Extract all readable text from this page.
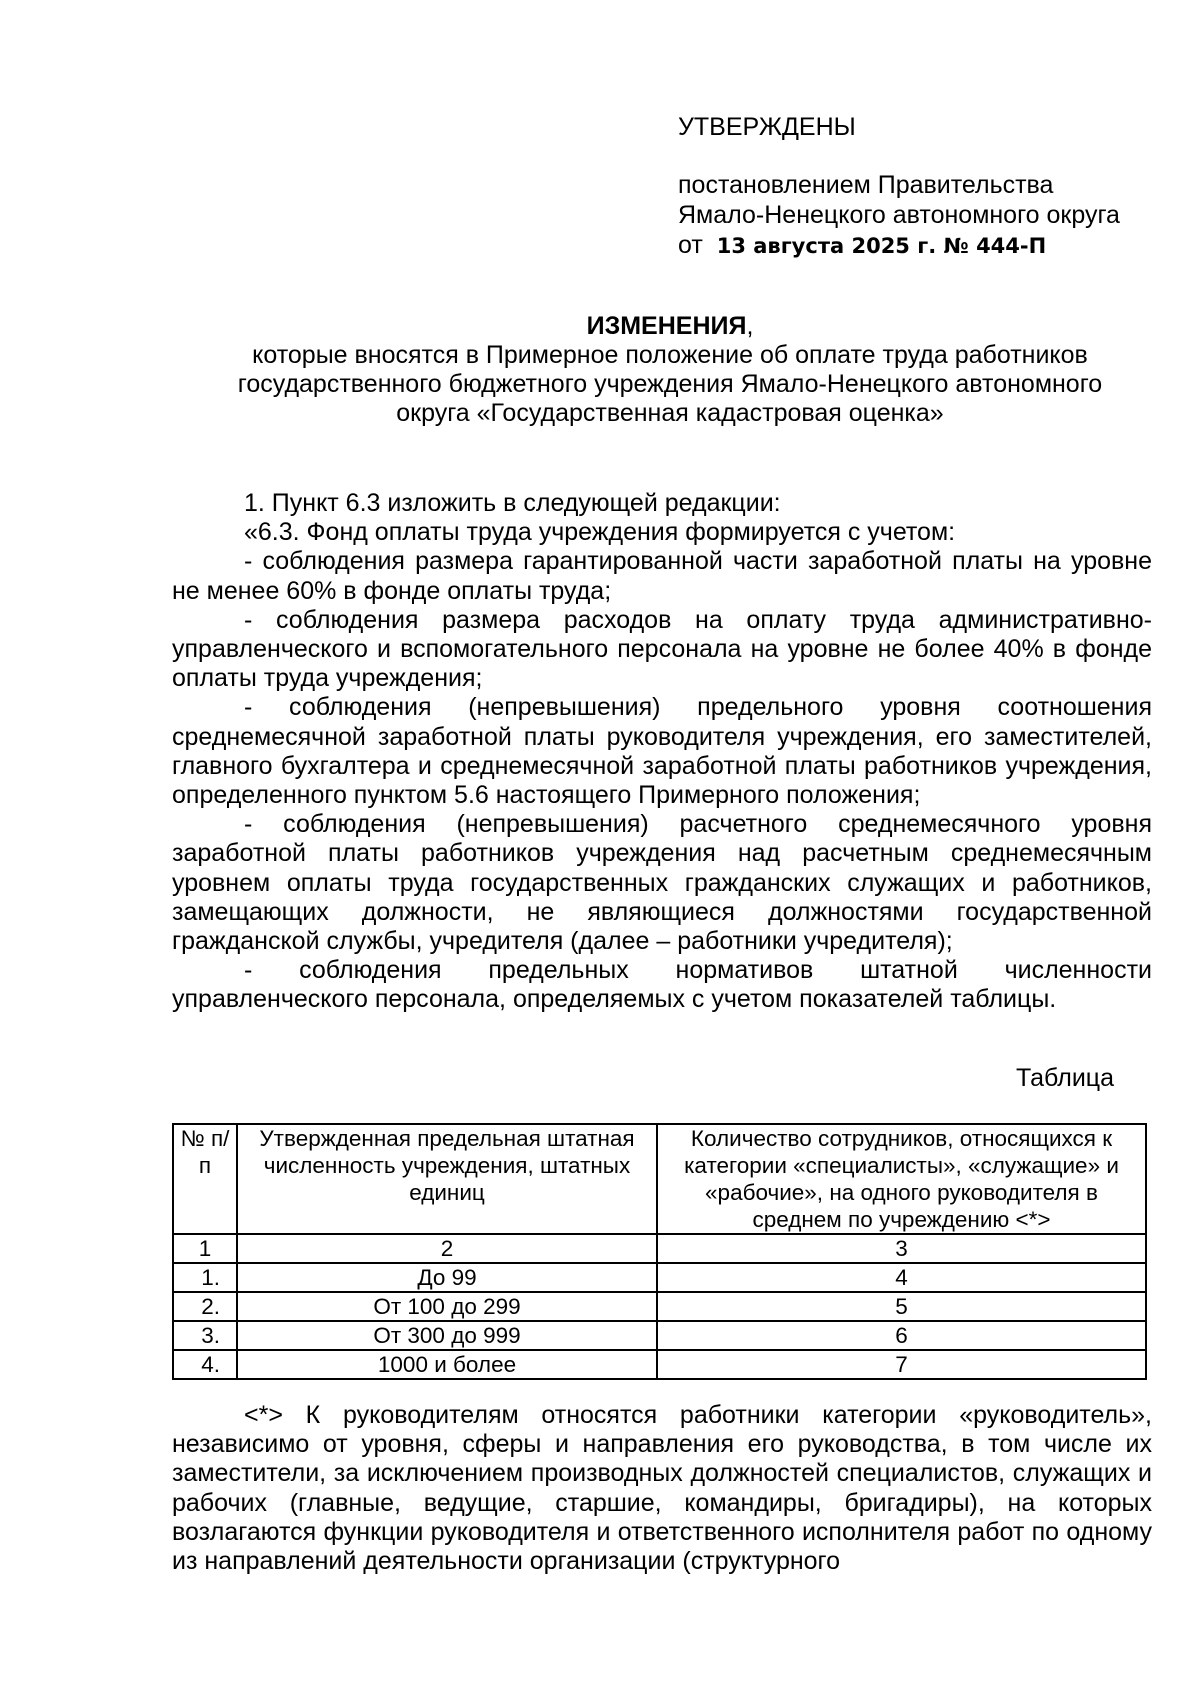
УТВЕРЖДЕНЫ
постановлением Правительства
Ямало-Ненецкого автономного округа
от 13 августа 2025 г. № 444-П
ИЗМЕНЕНИЯ,
которые вносятся в Примерное положение об оплате труда работников
государственного бюджетного учреждения Ямало-Ненецкого автономного
округа «Государственная кадастровая оценка»

1. Пункт 6.3 изложить в следующей редакции:

«6.3. Фонд оплаты труда учреждения формируется с учетом:

- соблюдения размера гарантированной части заработной платы на уровне не менее 60% в фонде оплаты труда;

- соблюдения размера расходов на оплату труда административно-управленческого и вспомогательного персонала на уровне не более 40% в фонде оплаты труда учреждения;

- соблюдения (непревышения) предельного уровня соотношения среднемесячной заработной платы руководителя учреждения, его заместителей, главного бухгалтера и среднемесячной заработной платы работников учреждения, определенного пунктом 5.6 настоящего Примерного положения;

- соблюдения (непревышения) расчетного среднемесячного уровня заработной платы работников учреждения над расчетным среднемесячным уровнем оплаты труда государственных гражданских служащих и работников, замещающих должности, не являющиеся должностями государственной гражданской службы, учредителя (далее – работники учредителя);

- соблюдения предельных нормативов штатной численности управленческого персонала, определяемых с учетом показателей таблицы.

Таблица
№ п/п	Утвержденная предельная штатная численность учреждения, штатных единиц	Количество сотрудников, относящихся к категории «специалисты», «служащие» и «рабочие», на одного руководителя в среднем по учреждению <*>
1	2	3
1.	До 99	4
2.	От 100 до 299	5
3.	От 300 до 999	6
4.	1000 и более	7

<*> К руководителям относятся работники категории «руководитель», независимо от уровня, сферы и направления его руководства, в том числе их заместители, за исключением производных должностей специалистов, служащих и рабочих (главные, ведущие, старшие, командиры, бригадиры), на которых возлагаются функции руководителя и ответственного исполнителя работ по одному из направлений деятельности организации (структурного
